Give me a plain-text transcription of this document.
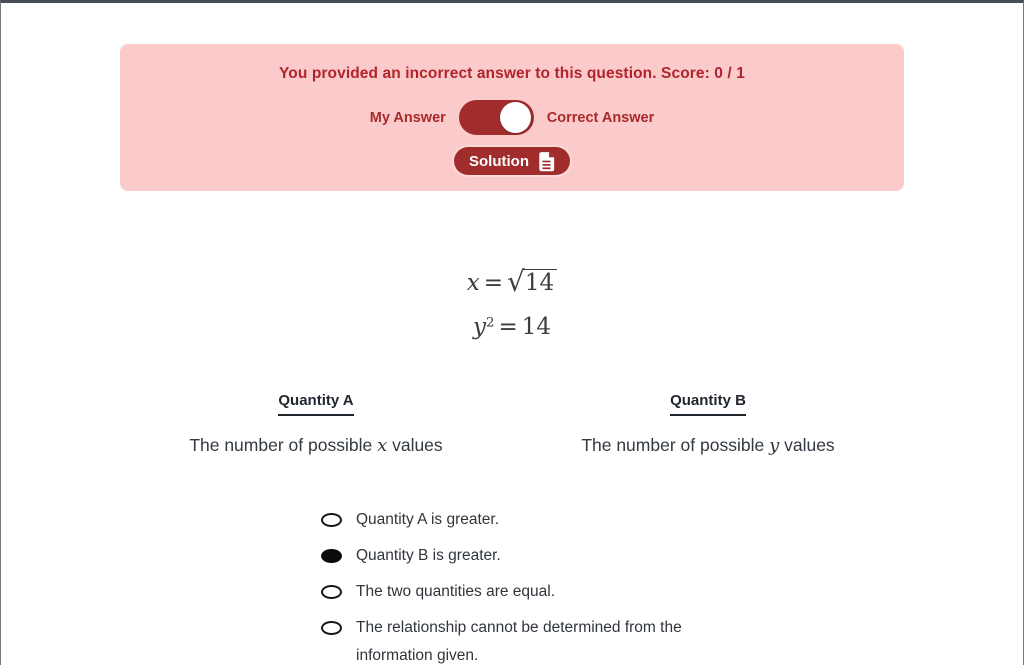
You provided an incorrect answer to this question. Score: 0 / 1
My Answer	Correct Answer
Solution
x = √14
$y^2 = 14$
Quantity A
The number of possible x values
Quantity B
The number of possible y values
Quantity A is greater.
Quantity B is greater.
The two quantities are equal.
The relationship cannot be determined from the information given.
